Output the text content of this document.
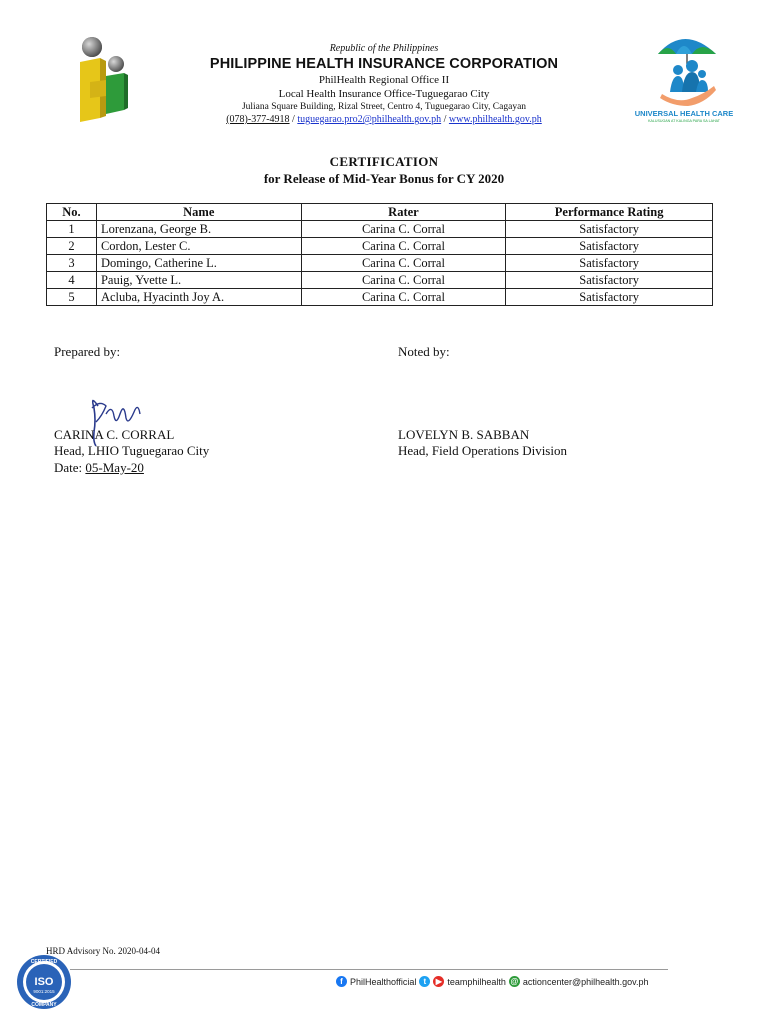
Republic of the Philippines
PHILIPPINE HEALTH INSURANCE CORPORATION
PhilHealth Regional Office II
Local Health Insurance Office-Tuguegarao City
Juliana Square Building, Rizal Street, Centro 4, Tuguegarao City, Cagayan
(078)-377-4918 / tuguegarao.pro2@philhealth.gov.ph / www.philhealth.gov.ph
UNIVERSAL HEALTH CARE
KALUSUGAN AT KALINGA PARA SA LAHAT
CERTIFICATION
for Release of Mid-Year Bonus for CY 2020
No.	Name	Rater	Performance Rating
1	Lorenzana, George B.	Carina C. Corral	Satisfactory
2	Cordon, Lester C.	Carina C. Corral	Satisfactory
3	Domingo, Catherine L.	Carina C. Corral	Satisfactory
4	Pauig, Yvette L.	Carina C. Corral	Satisfactory
5	Acluba, Hyacinth Joy A.	Carina C. Corral	Satisfactory
Prepared by:	Noted by:
CARINA C. CORRAL
Head, LHIO Tuguegarao City
Date: 05-May-20
LOVELYN B. SABBAN
Head, Field Operations Division
HRD Advisory No. 2020-04-04
CERTIFIED
ISO
9001:2015
COMPANY
f PhilHealthofficial t	▶ teamphilhealth @ actioncenter@philhealth.gov.ph
